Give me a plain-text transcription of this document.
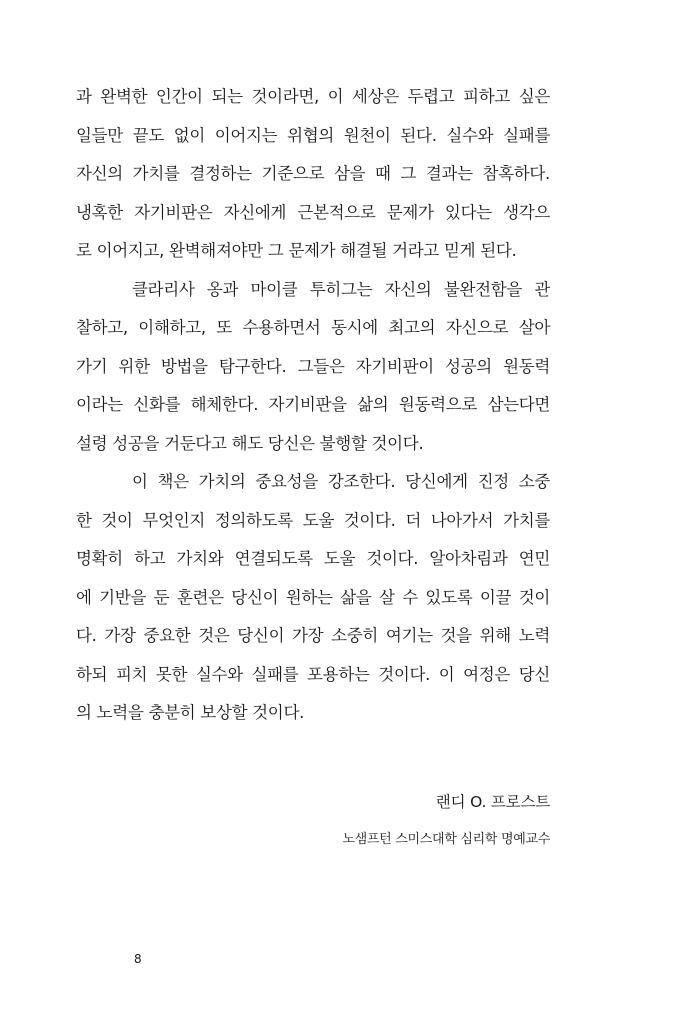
과 완벽한 인간이 되는 것이라면, 이 세상은 두렵고 피하고 싶은
일들만 끝도 없이 이어지는 위협의 원천이 된다. 실수와 실패를
자신의 가치를 결정하는 기준으로 삼을 때 그 결과는 참혹하다.
냉혹한 자기비판은 자신에게 근본적으로 문제가 있다는 생각으
로 이어지고, 완벽해져야만 그 문제가 해결될 거라고 믿게 된다.
클라리사 옹과 마이클 투히그는 자신의 불완전함을 관
찰하고, 이해하고, 또 수용하면서 동시에 최고의 자신으로 살아
가기 위한 방법을 탐구한다. 그들은 자기비판이 성공의 원동력
이라는 신화를 해체한다. 자기비판을 삶의 원동력으로 삼는다면
설령 성공을 거둔다고 해도 당신은 불행할 것이다.
이 책은 가치의 중요성을 강조한다. 당신에게 진정 소중
한 것이 무엇인지 정의하도록 도울 것이다. 더 나아가서 가치를
명확히 하고 가치와 연결되도록 도울 것이다. 알아차림과 연민
에 기반을 둔 훈련은 당신이 원하는 삶을 살 수 있도록 이끌 것이
다. 가장 중요한 것은 당신이 가장 소중히 여기는 것을 위해 노력
하되 피치 못한 실수와 실패를 포용하는 것이다. 이 여정은 당신
의 노력을 충분히 보상할 것이다.
랜디 O. 프로스트
노샘프턴 스미스대학 심리학 명예교수
8
